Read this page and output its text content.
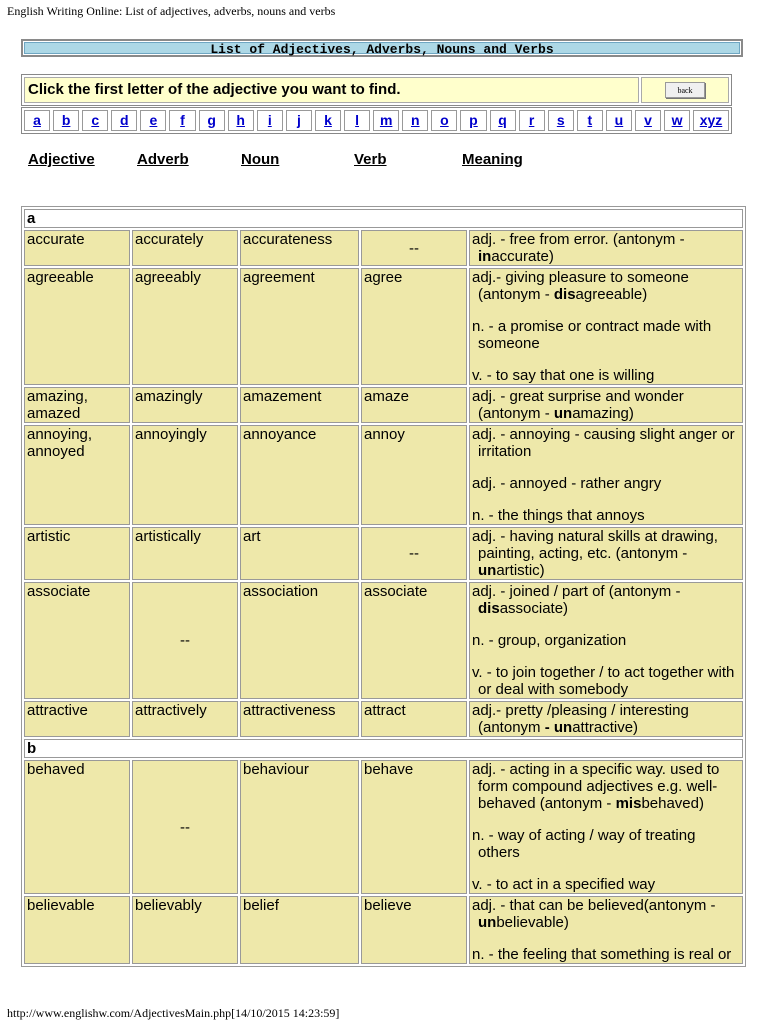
English Writing Online: List of adjectives, adverbs, nouns and verbs
List of Adjectives, Adverbs, Nouns and Verbs
Click the first letter of the adjective you want to find.	back
a	b	c	d	e	f	g	h	i	j	k	l	m	n	o	p	q	r	s	t	u	v	w	xyz
Adjective	Adverb	Noun	Verb	Meaning
a				
accurate	accurately	accurateness	--	adj. - free from error. (antonym - inaccurate)

agreeable	agreeably	agreement	agree	adj.- giving pleasure to someone (antonym - disagreeable)

n. - a promise or contract made with someone

v. - to say that one is willing

amazing, amazed	amazingly	amazement	amaze	adj. - great surprise and wonder (antonym - unamazing)

annoying, annoyed	annoyingly	annoyance	annoy	adj. - annoying - causing slight anger or irritation

adj. - annoyed - rather angry

n. - the things that annoys

artistic	artistically	art	--	adj. - having natural skills at drawing, painting, acting, etc. (antonym - unartistic)

associate	--	association	associate	adj. - joined / part of (antonym - disassociate)

n. - group, organization

v. - to join together / to act together with or deal with somebody

attractive	attractively	attractiveness	attract	adj.- pretty /pleasing / interesting (antonym - unattractive)

b				
behaved	--	behaviour	behave	adj. - acting in a specific way. used to form compound adjectives e.g. well-behaved (antonym - misbehaved)

n. - way of acting / way of treating others

v. - to act in a specified way

believable	believably	belief	believe	adj. - that can be believed(antonym - unbelievable)

n. - the feeling that something is real or

http://www.englishw.com/AdjectivesMain.php[14/10/2015 14:23:59]
